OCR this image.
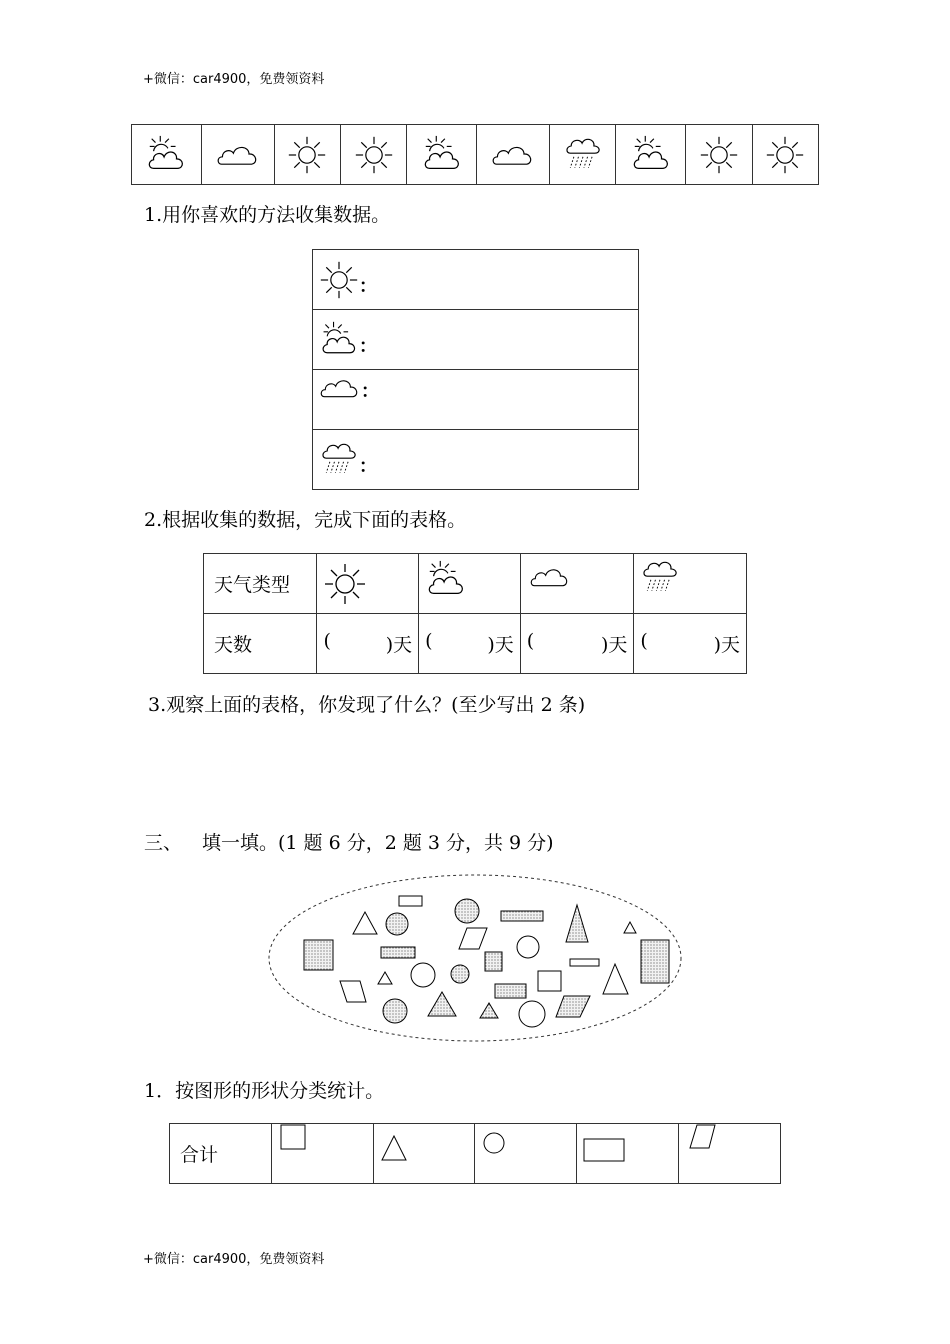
+微信：car4900，免费领资料

1.用你喜欢的方法收集数据。
：

：

：

：
2.根据收集的数据，完成下面的表格。
天气类型

天数	( )天	( )天	( )天	( )天
3.观察上面的表格，你发现了什么？(至少写出 2 条)
三、 填一填。(1 题 6 分，2 题 3 分，共 9 分)
1．按图形的形状分类统计。
合计

+微信：car4900，免费领资料
